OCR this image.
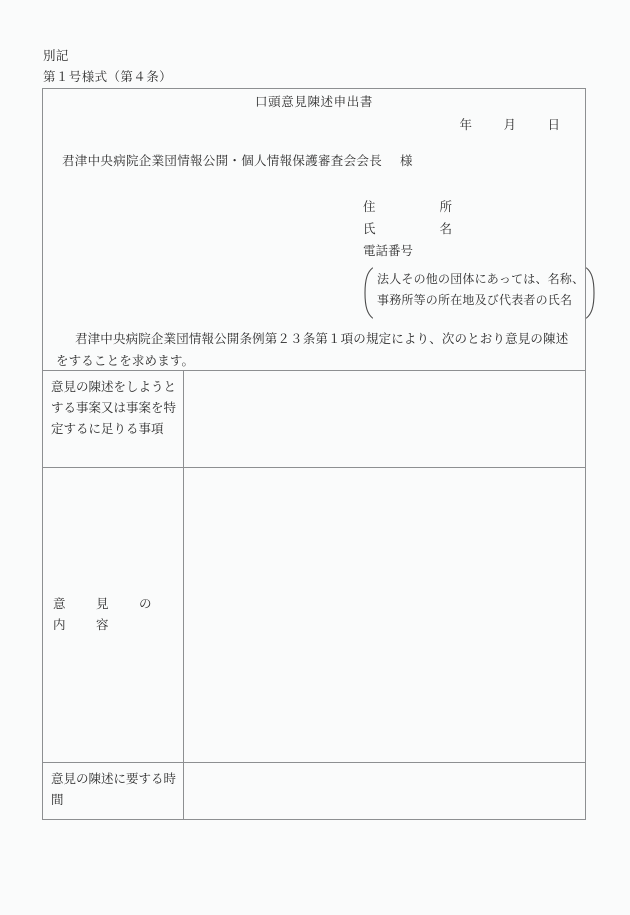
別記
第１号様式（第４条）
口頭意見陳述申出書
年	月	日
君津中央病院企業団情報公開・個人情報保護審査会会長 様
住　　所
氏　　名
電話番号
法人その他の団体にあっては、名称、
事務所等の所在地及び代表者の氏名
君津中央病院企業団情報公開条例第２３条第１項の規定により、次のとおり意見の陳述をすることを求めます。
意見の陳述をしようとする事案又は事案を特定するに足りる事項	

意　見　の　内　容	

意見の陳述に要する時間	
